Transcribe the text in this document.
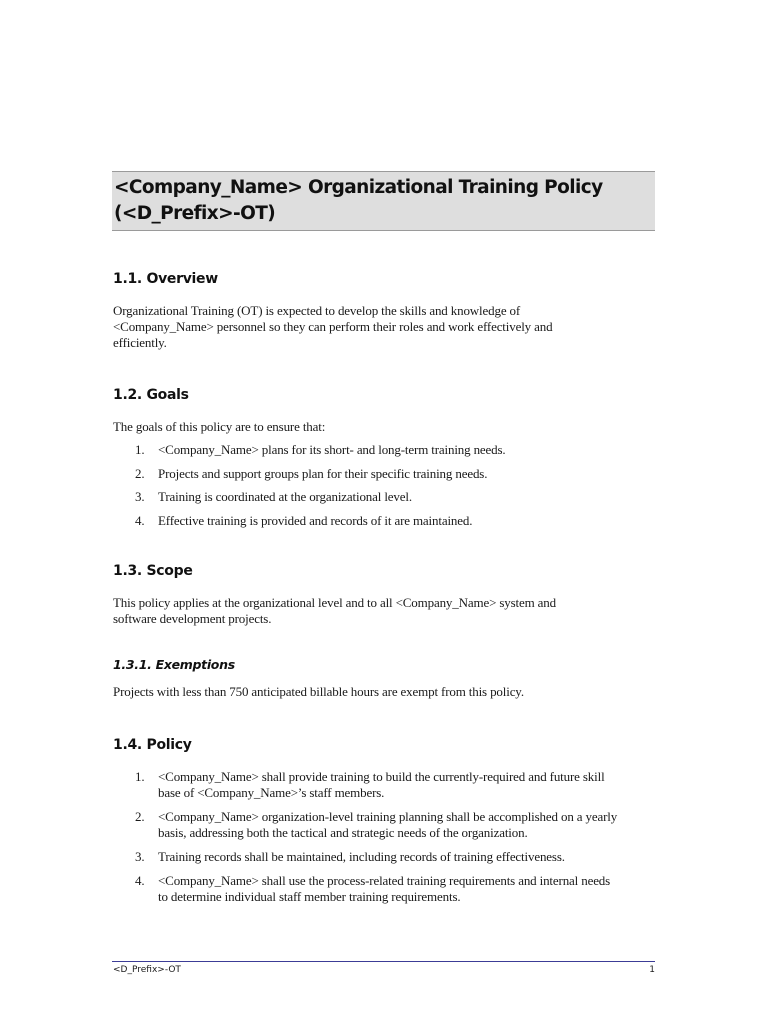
<Company_Name> Organizational Training Policy
(<D_Prefix>-OT)
1.1. Overview

Organizational Training (OT) is expected to develop the skills and knowledge of
<Company_Name> personnel so they can perform their roles and work effectively and
efficiently.

1.2. Goals

The goals of this policy are to ensure that:

1. <Company_Name> plans for its short- and long-term training needs.
2. Projects and support groups plan for their specific training needs.
3. Training is coordinated at the organizational level.
4. Effective training is provided and records of it are maintained.
1.3. Scope

This policy applies at the organizational level and to all <Company_Name> system and
software development projects.

1.3.1. Exemptions

Projects with less than 750 anticipated billable hours are exempt from this policy.

1.4. Policy
1. <Company_Name> shall provide training to build the currently-required and future skill
base of <Company_Name>’s staff members.
2. <Company_Name> organization-level training planning shall be accomplished on a yearly
basis, addressing both the tactical and strategic needs of the organization.
3. Training records shall be maintained, including records of training effectiveness.
4. <Company_Name> shall use the process-related training requirements and internal needs
to determine individual staff member training requirements.
<D_Prefix>-OT	1
